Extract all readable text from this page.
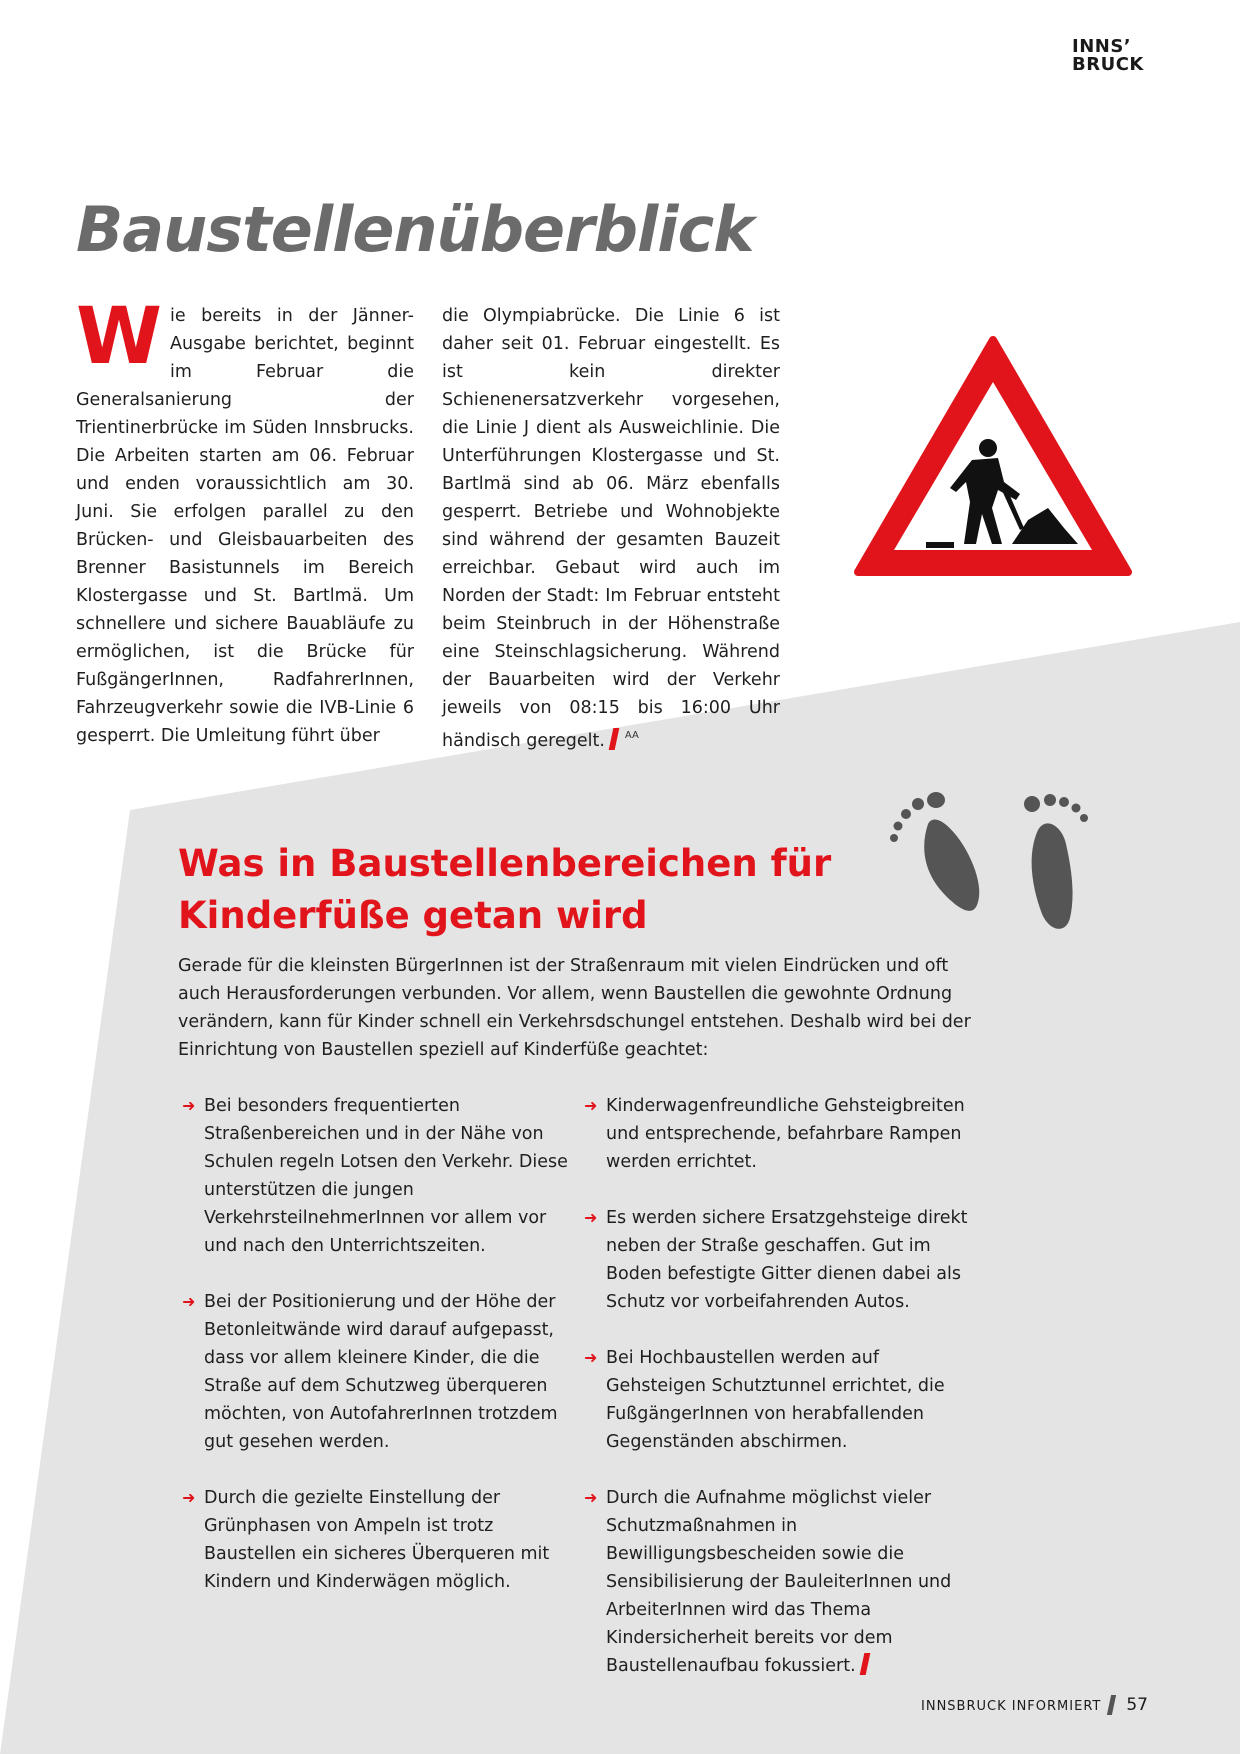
INNS’
BRUCK
Baustellenüberblick

Wie bereits in der Jänner-Ausgabe berichtet, beginnt im Februar die Generalsanierung der Trientinerbrücke im Süden Innsbrucks. Die Arbeiten starten am 06. Februar und enden voraussichtlich am 30. Juni. Sie erfolgen parallel zu den Brücken- und Gleisbauarbeiten des Brenner Basistunnels im Bereich Klostergasse und St. Bartlmä. Um schnellere und sichere Bauabläufe zu ermöglichen, ist die Brücke für FußgängerInnen, RadfahrerInnen, Fahrzeugverkehr sowie die IVB-Linie 6 gesperrt. Die Umleitung führt über

die Olympiabrücke. Die Linie 6 ist daher seit 01. Februar eingestellt. Es ist kein direkter Schienenersatzverkehr vorgesehen, die Linie J dient als Ausweichlinie. Die Unterführungen Klostergasse und St. Bartlmä sind ab 06. März ebenfalls gesperrt. Betriebe und Wohnobjekte sind während der gesamten Bauzeit erreichbar. Gebaut wird auch im Norden der Stadt: Im Februar entsteht beim Steinbruch in der Höhenstraße eine Steinschlagsicherung. Während der Bauarbeiten wird der Verkehr jeweils von 08:15 bis 16:00 Uhr händisch geregelt. $^{AA}$

Was in Baustellenbereichen für
Kinderfüße getan wird

Gerade für die kleinsten BürgerInnen ist der Straßenraum mit vielen Eindrücken und oft auch Herausforderungen verbunden. Vor allem, wenn Baustellen die gewohnte Ordnung verändern, kann für Kinder schnell ein Verkehrsdschungel entstehen. Deshalb wird bei der Einrichtung von Baustellen speziell auf Kinderfüße geachtet:

➜ Bei besonders frequentierten Straßenbereichen und in der Nähe von Schulen regeln Lotsen den Verkehr. Diese unterstützen die jungen VerkehrsteilnehmerInnen vor allem vor und nach den Unterrichtszeiten.
➜ Bei der Positionierung und der Höhe der Betonleitwände wird darauf aufgepasst, dass vor allem kleinere Kinder, die die Straße auf dem Schutzweg überqueren möchten, von AutofahrerInnen trotzdem gut gesehen werden.
➜ Durch die gezielte Einstellung der Grünphasen von Ampeln ist trotz Baustellen ein sicheres Überqueren mit Kindern und Kinderwägen möglich.
➜ Kinderwagenfreundliche Gehsteigbreiten und entsprechende, befahrbare Rampen werden errichtet.
➜ Es werden sichere Ersatzgehsteige direkt neben der Straße geschaffen. Gut im Boden befestigte Gitter dienen dabei als Schutz vor vorbeifahrenden Autos.
➜ Bei Hochbaustellen werden auf Gehsteigen Schutztunnel errichtet, die FußgängerInnen von herabfallenden Gegenständen abschirmen.
➜ Durch die Aufnahme möglichst vieler Schutzmaßnahmen in Bewilligungsbescheiden sowie die Sensibilisierung der BauleiterInnen und ArbeiterInnen wird das Thema Kindersicherheit bereits vor dem Baustellenaufbau fokussiert.
INNSBRUCK INFORMIERT 57
